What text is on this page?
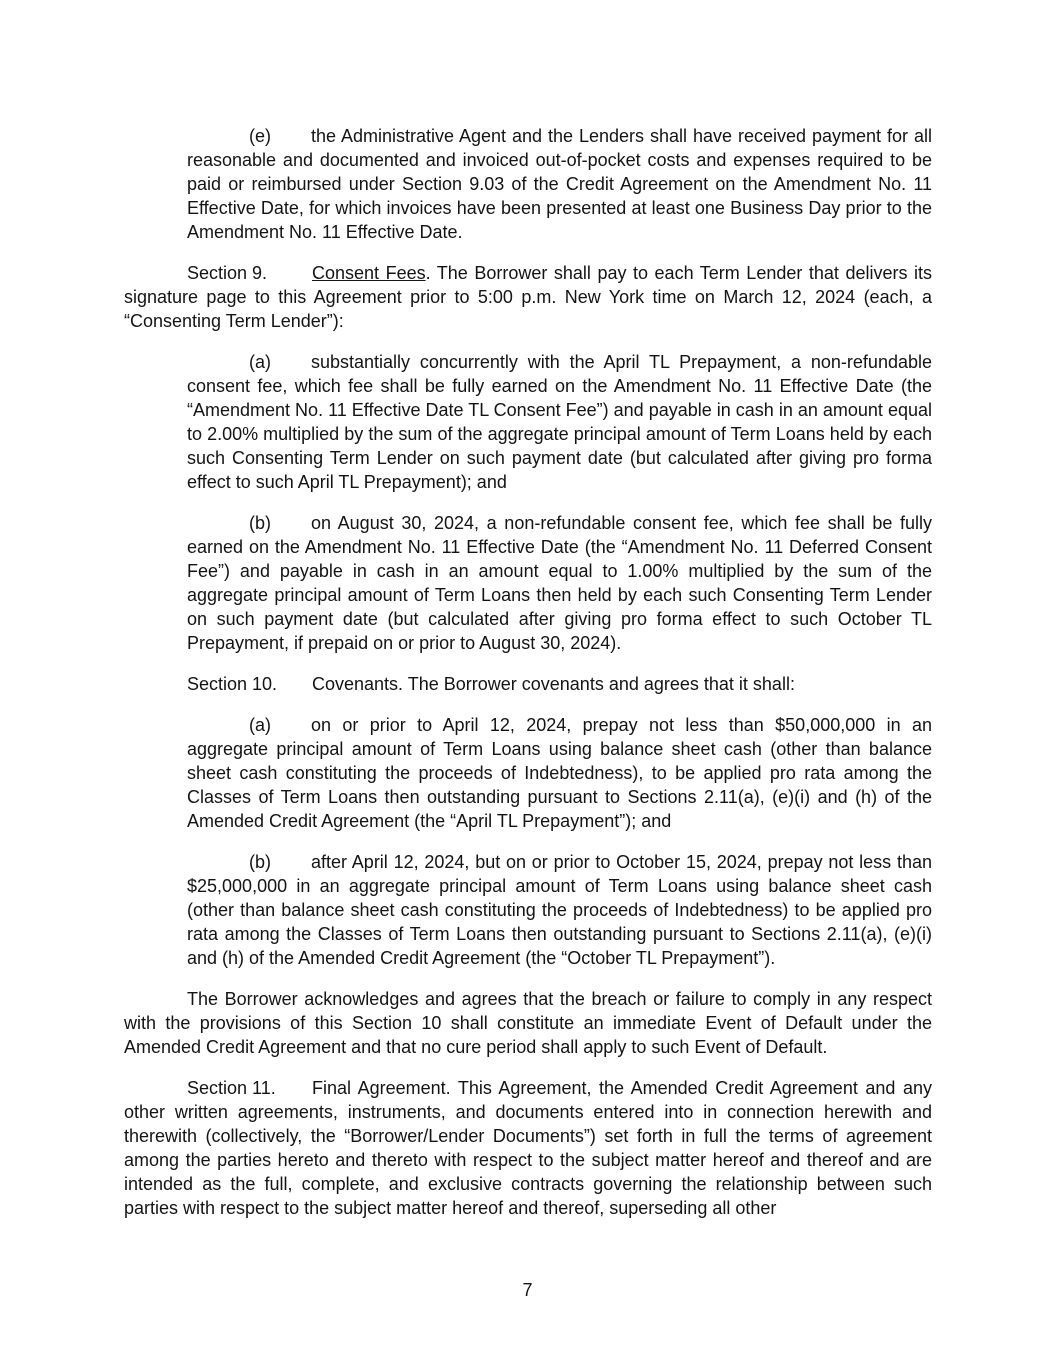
(e) the Administrative Agent and the Lenders shall have received payment for all reasonable and documented and invoiced out-of-pocket costs and expenses required to be paid or reimbursed under Section 9.03 of the Credit Agreement on the Amendment No. 11 Effective Date, for which invoices have been presented at least one Business Day prior to the Amendment No. 11 Effective Date.

Section 9. Consent Fees. The Borrower shall pay to each Term Lender that delivers its signature page to this Agreement prior to 5:00 p.m. New York time on March 12, 2024 (each, a “Consenting Term Lender”):

(a) substantially concurrently with the April TL Prepayment, a non-refundable consent fee, which fee shall be fully earned on the Amendment No. 11 Effective Date (the “Amendment No. 11 Effective Date TL Consent Fee”) and payable in cash in an amount equal to 2.00% multiplied by the sum of the aggregate principal amount of Term Loans held by each such Consenting Term Lender on such payment date (but calculated after giving pro forma effect to such April TL Prepayment); and

(b) on August 30, 2024, a non-refundable consent fee, which fee shall be fully earned on the Amendment No. 11 Effective Date (the “Amendment No. 11 Deferred Consent Fee”) and payable in cash in an amount equal to 1.00% multiplied by the sum of the aggregate principal amount of Term Loans then held by each such Consenting Term Lender on such payment date (but calculated after giving pro forma effect to such October TL Prepayment, if prepaid on or prior to August 30, 2024).

Section 10. Covenants. The Borrower covenants and agrees that it shall:

(a) on or prior to April 12, 2024, prepay not less than $50,000,000 in an aggregate principal amount of Term Loans using balance sheet cash (other than balance sheet cash constituting the proceeds of Indebtedness), to be applied pro rata among the Classes of Term Loans then outstanding pursuant to Sections 2.11(a), (e)(i) and (h) of the Amended Credit Agreement (the “April TL Prepayment”); and

(b) after April 12, 2024, but on or prior to October 15, 2024, prepay not less than $25,000,000 in an aggregate principal amount of Term Loans using balance sheet cash (other than balance sheet cash constituting the proceeds of Indebtedness) to be applied pro rata among the Classes of Term Loans then outstanding pursuant to Sections 2.11(a), (e)(i) and (h) of the Amended Credit Agreement (the “October TL Prepayment”).

The Borrower acknowledges and agrees that the breach or failure to comply in any respect with the provisions of this Section 10 shall constitute an immediate Event of Default under the Amended Credit Agreement and that no cure period shall apply to such Event of Default.

Section 11. Final Agreement. This Agreement, the Amended Credit Agreement and any other written agreements, instruments, and documents entered into in connection herewith and therewith (collectively, the “Borrower/Lender Documents”) set forth in full the terms of agreement among the parties hereto and thereto with respect to the subject matter hereof and thereof and are intended as the full, complete, and exclusive contracts governing the relationship between such parties with respect to the subject matter hereof and thereof, superseding all other

7
